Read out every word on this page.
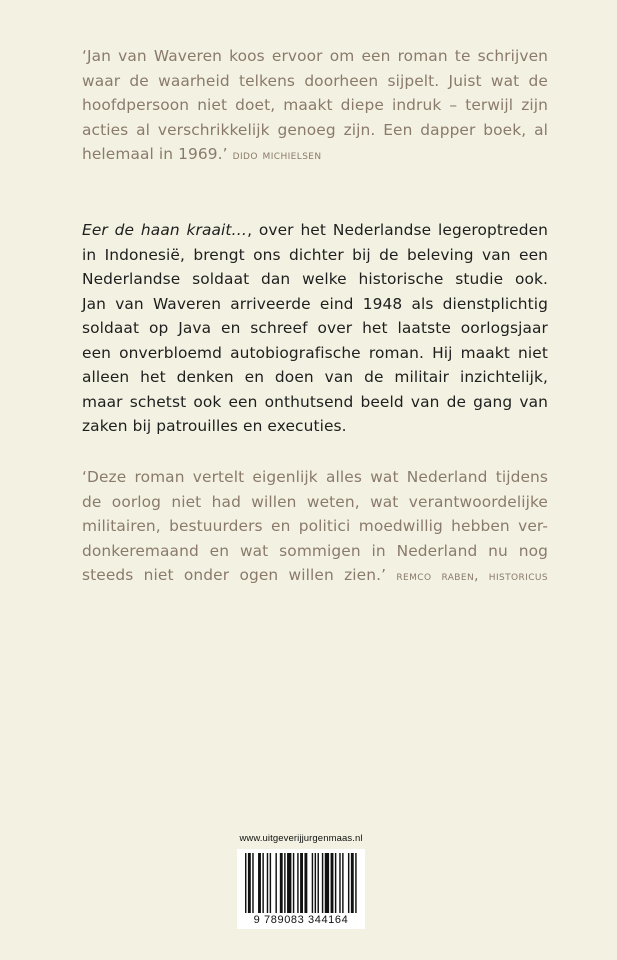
‘Jan van Waveren koos ervoor om een roman te schrijven
waar de waarheid telkens doorheen sijpelt. Juist wat de
hoofdpersoon niet doet, maakt diepe indruk – terwijl zijn
acties al verschrikkelijk genoeg zijn. Een dapper boek, al
helemaal in 1969.’ dido michielsen
Eer de haan kraait…, over het Nederlandse legeroptreden
in Indonesië, brengt ons dichter bij de beleving van een
Nederlandse soldaat dan welke historische studie ook.
Jan van Waveren arriveerde eind 1948 als dienstplichtig
soldaat op Java en schreef over het laatste oorlogsjaar
een onverbloemd autobiografische roman. Hij maakt niet
alleen het denken en doen van de militair inzichtelijk,
maar schetst ook een onthutsend beeld van de gang van
zaken bij patrouilles en executies.
‘Deze roman vertelt eigenlijk alles wat Nederland tijdens
de oorlog niet had willen weten, wat verantwoordelijke
militairen, bestuurders en politici moedwillig hebben ver-
donkeremaand en wat sommigen in Nederland nu nog
steeds niet onder ogen willen zien.’ remco raben, historicus
www.uitgeverijjurgenmaas.nl
9 789083 344164
